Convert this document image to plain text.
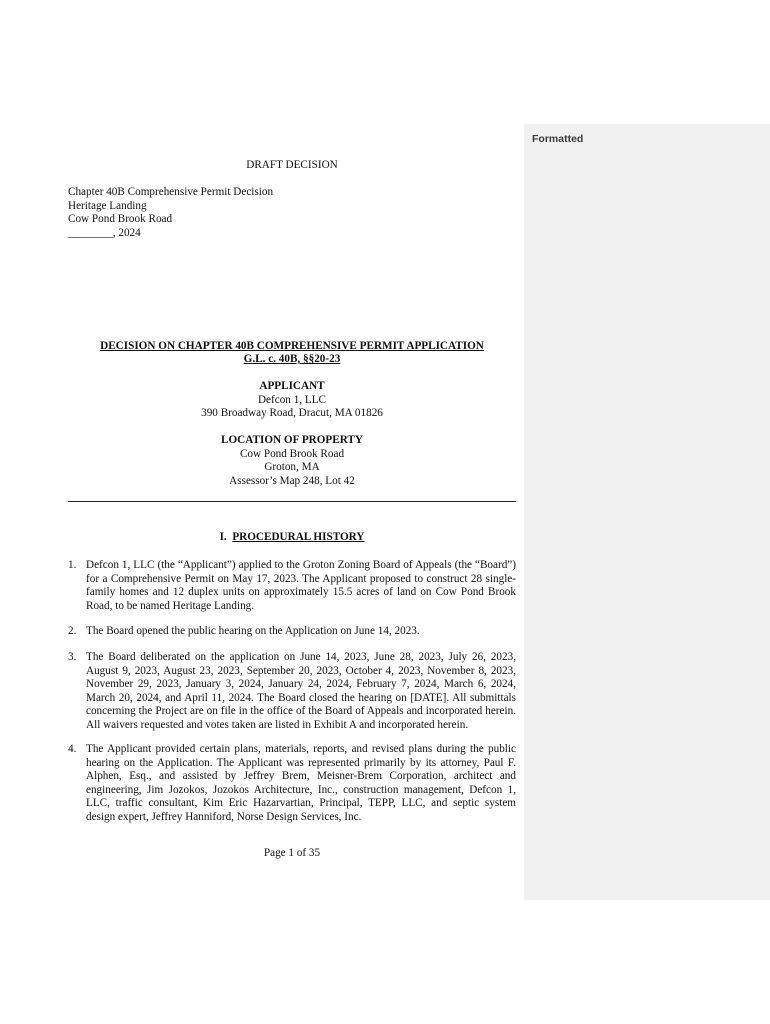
Formatted
DRAFT DECISION
Chapter 40B Comprehensive Permit Decision
Heritage Landing
Cow Pond Brook Road
________, 2024
DECISION ON CHAPTER 40B COMPREHENSIVE PERMIT APPLICATION
G.L. c. 40B, §§20-23
APPLICANT
Defcon 1, LLC
390 Broadway Road, Dracut, MA 01826
LOCATION OF PROPERTY
Cow Pond Brook Road
Groton, MA
Assessor’s Map 248, Lot 42
I. PROCEDURAL HISTORY
1. Defcon 1, LLC (the “Applicant”) applied to the Groton Zoning Board of Appeals (the “Board”)
for a Comprehensive Permit on May 17, 2023. The Applicant proposed to construct 28 single-
family homes and 12 duplex units on approximately 15.5 acres of land on Cow Pond Brook
Road, to be named Heritage Landing.
2. The Board opened the public hearing on the Application on June 14, 2023.
3. The Board deliberated on the application on June 14, 2023, June 28, 2023, July 26, 2023,
August 9, 2023, August 23, 2023, September 20, 2023, October 4, 2023, November 8, 2023,
November 29, 2023, January 3, 2024, January 24, 2024, February 7, 2024, March 6, 2024,
March 20, 2024, and April 11, 2024. The Board closed the hearing on [DATE]. All submittals
concerning the Project are on file in the office of the Board of Appeals and incorporated herein.
All waivers requested and votes taken are listed in Exhibit A and incorporated herein.
4. The Applicant provided certain plans, materials, reports, and revised plans during the public
hearing on the Application. The Applicant was represented primarily by its attorney, Paul F.
Alphen, Esq., and assisted by Jeffrey Brem, Meisner-Brem Corporation, architect and
engineering, Jim Jozokos, Jozokos Architecture, Inc., construction management, Defcon 1,
LLC, traffic consultant, Kim Eric Hazarvartian, Principal, TEPP, LLC, and septic system
design expert, Jeffrey Hanniford, Norse Design Services, Inc.
Page 1 of 35
